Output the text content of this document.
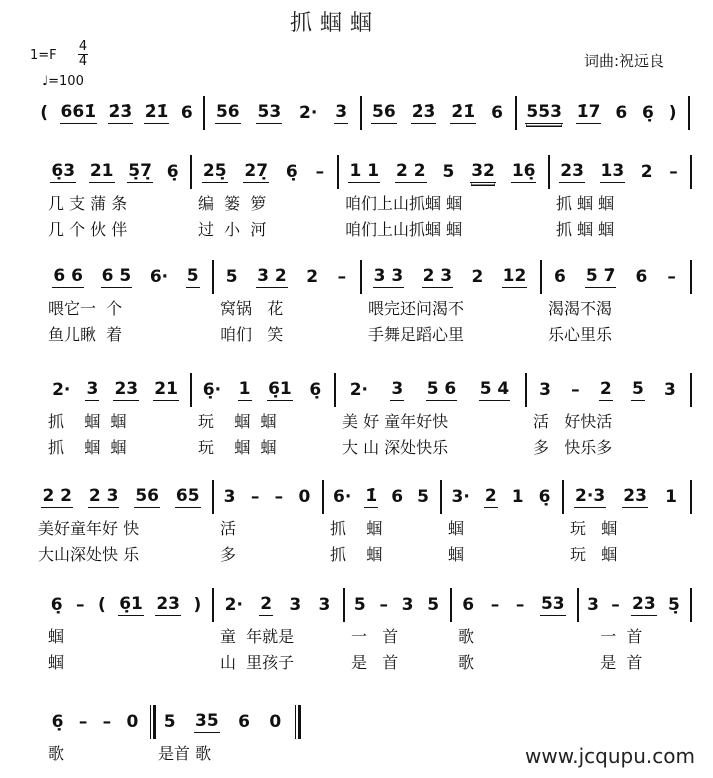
抓蝈蝈
1=F
4
4
♩=100
词曲:祝远良
www.jcqupu.com
( 661̇ 2̇3̇ 2̇1̇ 6 56 53 2· 3 56 2̇3̇ 2̇1̇ 6 553 1̇7 6 6̣ )
6̣3 21 5̣7̣ 6̣
几 支 蒲 条
几 个 伙 伴
25̣ 27̣ 6̣ –
编  篓  箩
过  小  河
1 1 2 2 5 32 16̣
咱们上山抓蝈 蝈
咱们上山抓蝈 蝈
23 13 2 –
抓 蝈 蝈
抓 蝈 蝈
6 6 6 5 6· 5
喂它一  个
鱼儿瞅  着
5 3 2 2 –
窝锅   花
咱们   笑
3 3 2 3 2 12
喂完还问渴不
手舞足蹈心里
6̇ 5 7̇ 6 –
渴渴不渴
乐心里乐
2· 3 23 21
抓    蝈  蝈
抓    蝈  蝈
6̣· 1 6̣1 6̣
玩    蝈  蝈
玩    蝈  蝈
2· 3 5 6 5 4
美 好 童年好快
大 山 深处快乐
3 – 2 5 3
活   好快活
多   快乐多
2 2 2 3 56 65
美好童年好 快
大山深处快 乐
3 – – 0
活
多
6· 1̇ 6 5
抓    蝈
抓    蝈
3· 2 1 6̣
蝈
蝈
2·3 23 1
玩   蝈
玩   蝈
6̣ – ( 6̣1 23 )
蝈
蝈
2· 2 3 3
童  年就是
山  里孩子
5 – 3 5
一   首
是   首
6 – – 53
歌
歌
3 – 23 5̣
一  首
是  首
6̣ – – 0
歌
5 35 6 0
是首 歌
